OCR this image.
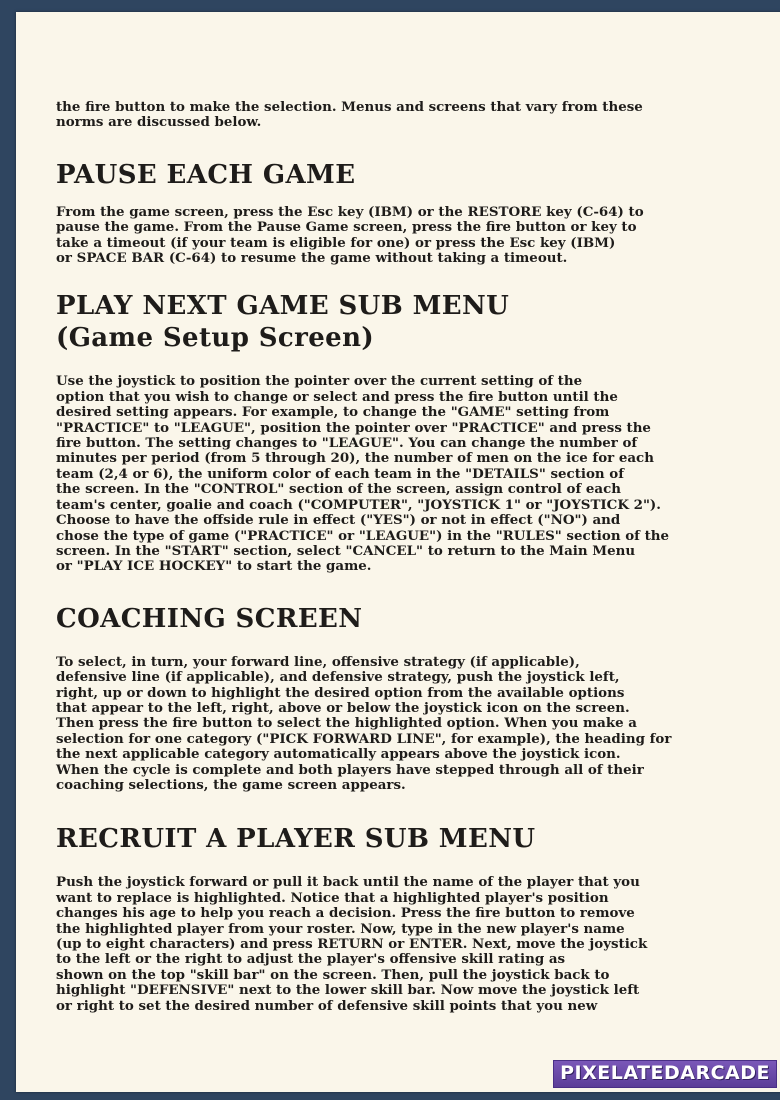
the fire button to make the selection. Menus and screens that vary from these
norms are discussed below.

PAUSE EACH GAME

From the game screen, press the Esc key (IBM) or the RESTORE key (C-64) to
pause the game. From the Pause Game screen, press the fire button or key to
take a timeout (if your team is eligible for one) or press the Esc key (IBM)
or SPACE BAR (C-64) to resume the game without taking a timeout.

PLAY NEXT GAME SUB MENU
(Game Setup Screen)

Use the joystick to position the pointer over the current setting of the
option that you wish to change or select and press the fire button until the
desired setting appears. For example, to change the "GAME" setting from
"PRACTICE" to "LEAGUE", position the pointer over "PRACTICE" and press the
fire button. The setting changes to "LEAGUE". You can change the number of
minutes per period (from 5 through 20), the number of men on the ice for each
team (2,4 or 6), the uniform color of each team in the "DETAILS" section of
the screen. In the "CONTROL" section of the screen, assign control of each
team's center, goalie and coach ("COMPUTER", "JOYSTICK 1" or "JOYSTICK 2").
Choose to have the offside rule in effect ("YES") or not in effect ("NO") and
chose the type of game ("PRACTICE" or "LEAGUE") in the "RULES" section of the
screen. In the "START" section, select "CANCEL" to return to the Main Menu
or "PLAY ICE HOCKEY" to start the game.

COACHING SCREEN

To select, in turn, your forward line, offensive strategy (if applicable),
defensive line (if applicable), and defensive strategy, push the joystick left,
right, up or down to highlight the desired option from the available options
that appear to the left, right, above or below the joystick icon on the screen.
Then press the fire button to select the highlighted option. When you make a
selection for one category ("PICK FORWARD LINE", for example), the heading for
the next applicable category automatically appears above the joystick icon.
When the cycle is complete and both players have stepped through all of their
coaching selections, the game screen appears.

RECRUIT A PLAYER SUB MENU

Push the joystick forward or pull it back until the name of the player that you
want to replace is highlighted. Notice that a highlighted player's position
changes his age to help you reach a decision. Press the fire button to remove
the highlighted player from your roster. Now, type in the new player's name
(up to eight characters) and press RETURN or ENTER. Next, move the joystick
to the left or the right to adjust the player's offensive skill rating as
shown on the top "skill bar" on the screen. Then, pull the joystick back to
highlight "DEFENSIVE" next to the lower skill bar. Now move the joystick left
or right to set the desired number of defensive skill points that you new

PIXELATEDARCADE
